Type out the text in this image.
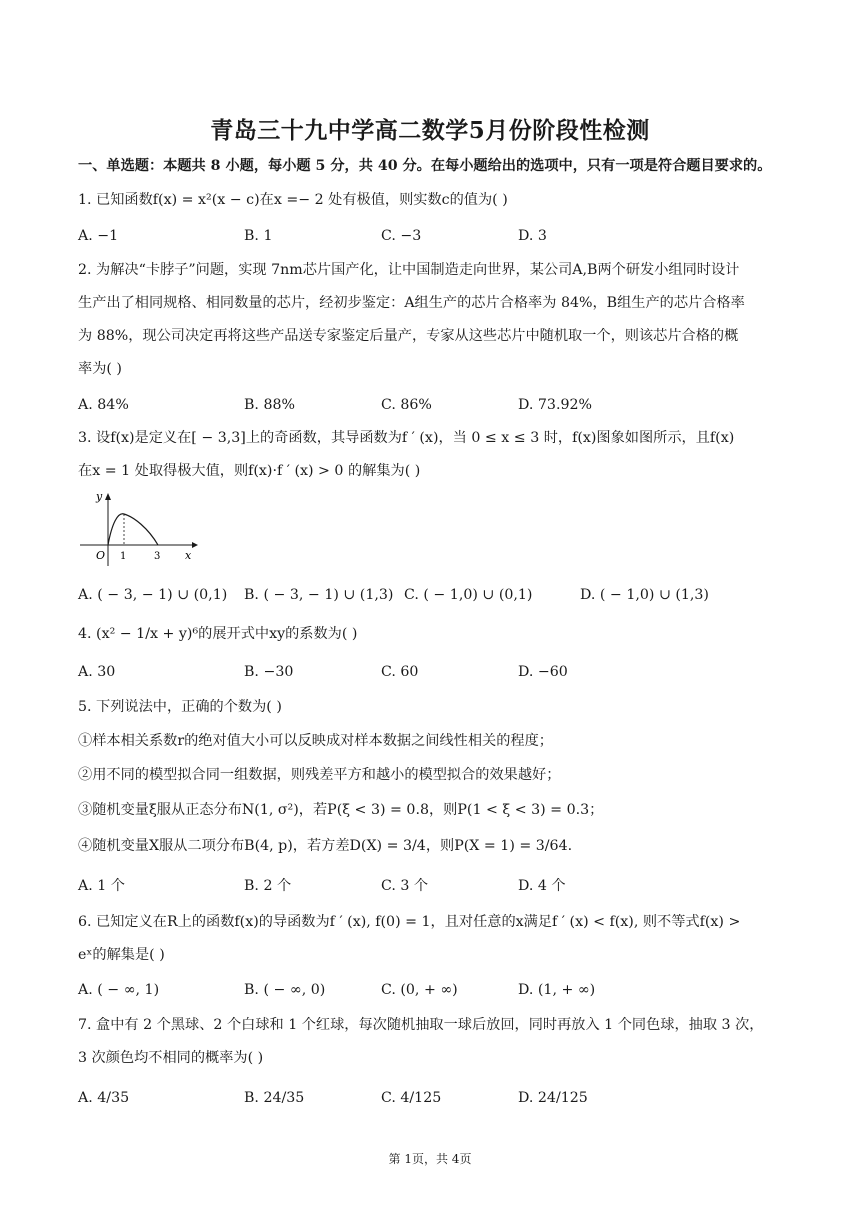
青岛三十九中学高二数学5月份阶段性检测
一、单选题：本题共 8 小题，每小题 5 分，共 40 分。在每小题给出的选项中，只有一项是符合题目要求的。
1. 已知函数f(x) = x²(x − c)在x =− 2 处有极值，则实数c的值为( )
A. −1	B. 1	C. −3	D. 3
2. 为解决“卡脖子”问题，实现 7nm芯片国产化，让中国制造走向世界，某公司A,B两个研发小组同时设计
生产出了相同规格、相同数量的芯片，经初步鉴定：A组生产的芯片合格率为 84%，B组生产的芯片合格率
为 88%，现公司决定再将这些产品送专家鉴定后量产，专家从这些芯片中随机取一个，则该芯片合格的概
率为( )
A. 84%	B. 88%	C. 86%	D. 73.92%
3. 设f(x)是定义在[ − 3,3]上的奇函数，其导函数为f ′ (x)，当 0 ≤ x ≤ 3 时，f(x)图象如图所示，且f(x)
在x = 1 处取得极大值，则f(x)·f ′ (x) > 0 的解集为( )
y
O 1	3 x
A. ( − 3, − 1) ∪ (0,1) B. ( − 3, − 1) ∪ (1,3) C. ( − 1,0) ∪ (0,1)	D. ( − 1,0) ∪ (1,3)
4. (x² − 1/x + y)⁶的展开式中xy的系数为( )
A. 30	B. −30	C. 60	D. −60
5. 下列说法中，正确的个数为( )
①样本相关系数r的绝对值大小可以反映成对样本数据之间线性相关的程度；
②用不同的模型拟合同一组数据，则残差平方和越小的模型拟合的效果越好；
③随机变量ξ服从正态分布N(1, σ²)，若P(ξ < 3) = 0.8，则P(1 < ξ < 3) = 0.3；
④随机变量X服从二项分布B(4, p)，若方差D(X) = 3/4，则P(X = 1) = 3/64.
A. 1 个	B. 2 个	C. 3 个	D. 4 个
6. 已知定义在R上的函数f(x)的导函数为f ′ (x), f(0) = 1，且对任意的x满足f ′ (x) < f(x), 则不等式f(x) >
eˣ的解集是( )
A. ( − ∞, 1)	B. ( − ∞, 0)	C. (0, + ∞)	D. (1, + ∞)
7. 盒中有 2 个黑球、2 个白球和 1 个红球，每次随机抽取一球后放回，同时再放入 1 个同色球，抽取 3 次，
3 次颜色均不相同的概率为( )
A. 4/35	B. 24/35	C. 4/125	D. 24/125
第 1页，共 4页
